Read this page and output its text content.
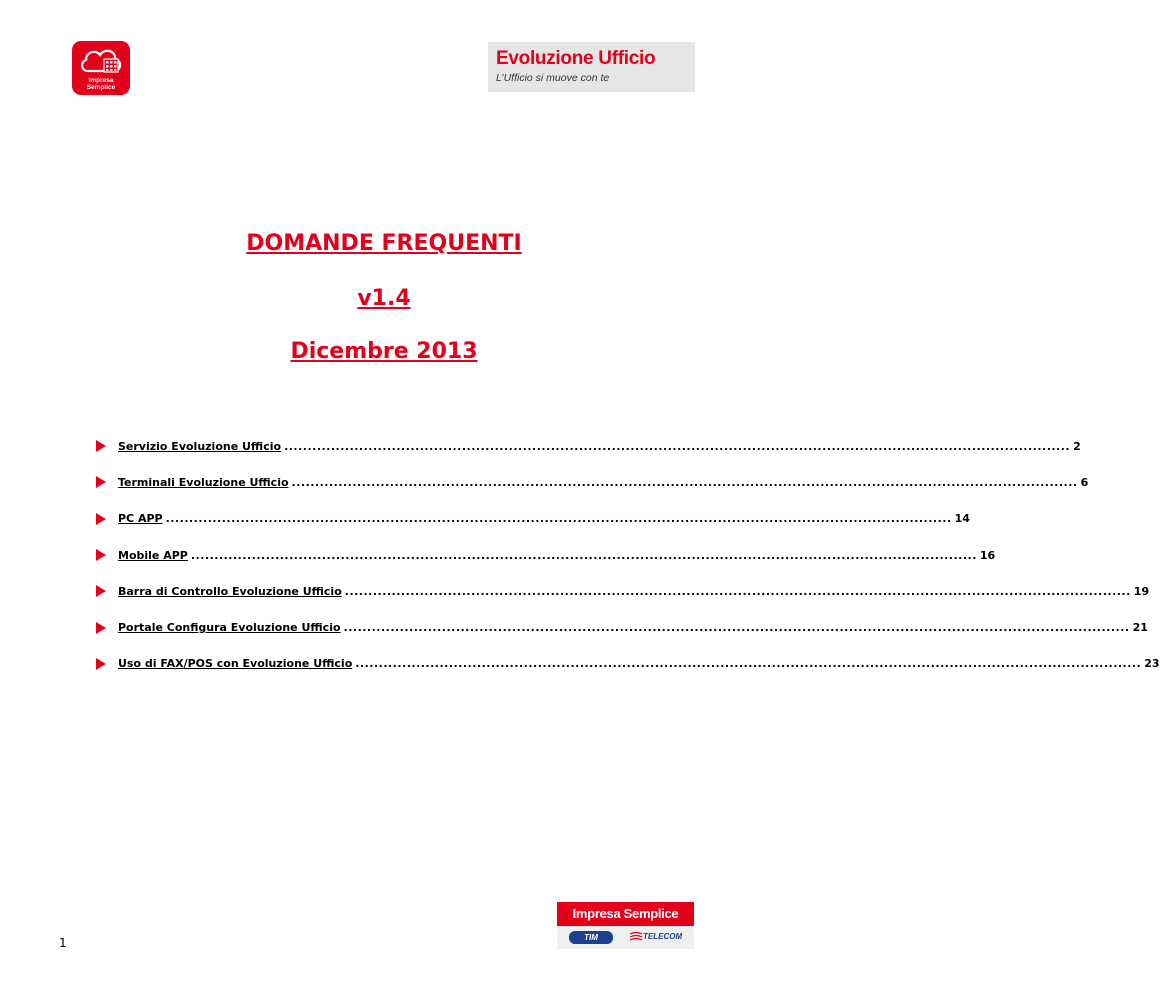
Impresa
Semplice
Evoluzione Ufficio
L’Ufficio si muove con te
DOMANDE FREQUENTI
v1.4
Dicembre 2013
Servizio Evoluzione Ufficio ........................................................................................................................................................................ 2
Terminali Evoluzione Ufficio ........................................................................................................................................................................ 6
PC APP ........................................................................................................................................................................ 14
Mobile APP ........................................................................................................................................................................ 16
Barra di Controllo Evoluzione Ufficio ........................................................................................................................................................................ 19
Portale Configura Evoluzione Ufficio ........................................................................................................................................................................ 21
Uso di FAX/POS con Evoluzione Ufficio ........................................................................................................................................................................ 23
1
Impresa Semplice
TIM	TELECOM
